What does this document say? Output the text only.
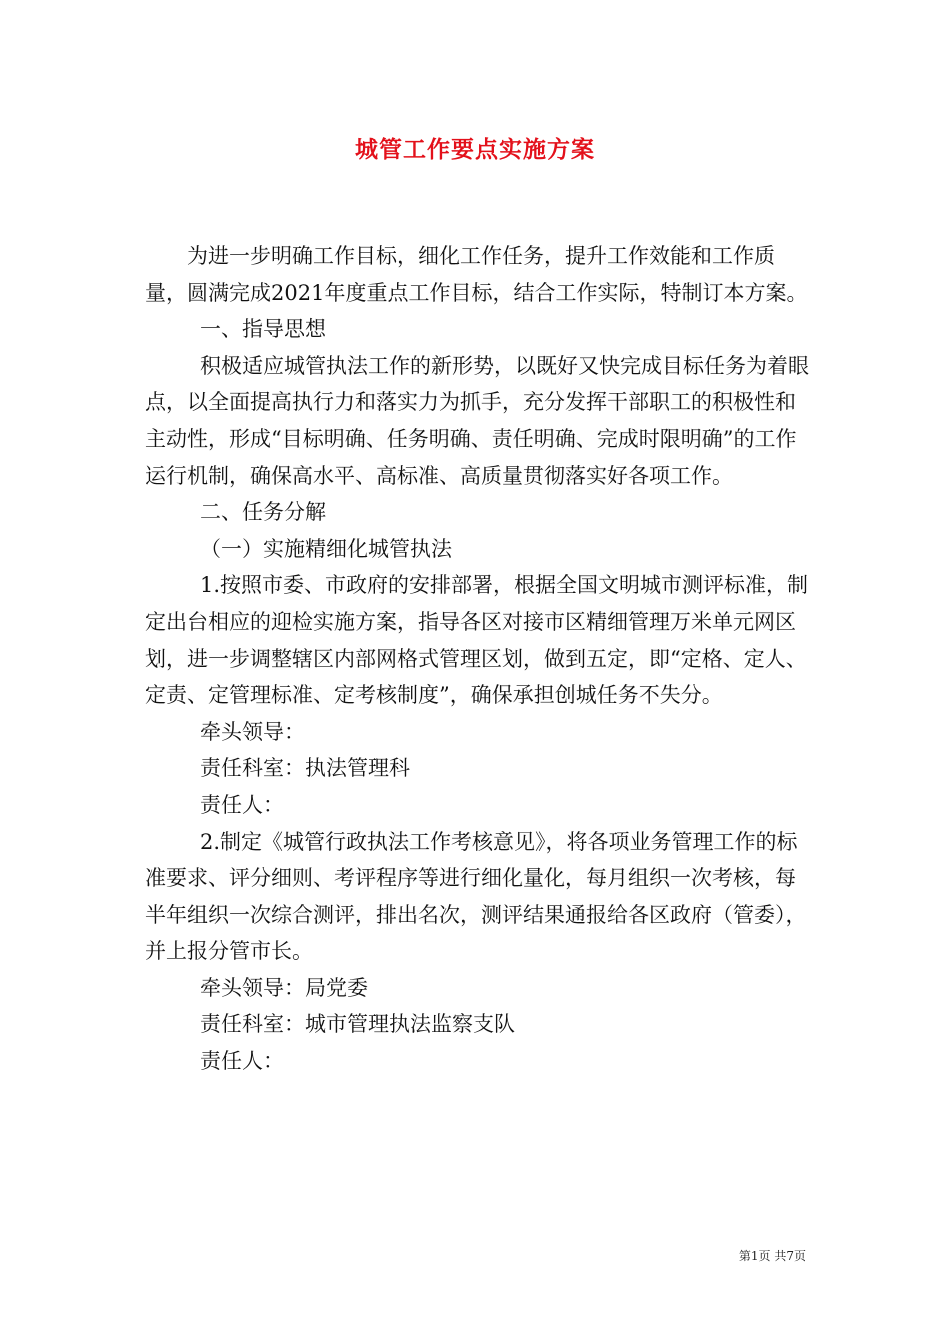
城管工作要点实施方案

为进一步明确工作目标，细化工作任务，提升工作效能和工作质量，圆满完成2021年度重点工作目标，结合工作实际，特制订本方案。

一、指导思想

积极适应城管执法工作的新形势，以既好又快完成目标任务为着眼点，以全面提高执行力和落实力为抓手，充分发挥干部职工的积极性和主动性，形成“目标明确、任务明确、责任明确、完成时限明确”的工作运行机制，确保高水平、高标准、高质量贯彻落实好各项工作。

二、任务分解

（一）实施精细化城管执法

1.按照市委、市政府的安排部署，根据全国文明城市测评标准，制定出台相应的迎检实施方案，指导各区对接市区精细管理万米单元网区划，进一步调整辖区内部网格式管理区划，做到五定，即“定格、定人、定责、定管理标准、定考核制度”，确保承担创城任务不失分。

牵头领导：

责任科室：执法管理科

责任人：

2.制定《城管行政执法工作考核意见》，将各项业务管理工作的标准要求、评分细则、考评程序等进行细化量化，每月组织一次考核，每半年组织一次综合测评，排出名次，测评结果通报给各区政府（管委），并上报分管市长。

牵头领导：局党委

责任科室：城市管理执法监察支队

责任人：

第1页 共7页
